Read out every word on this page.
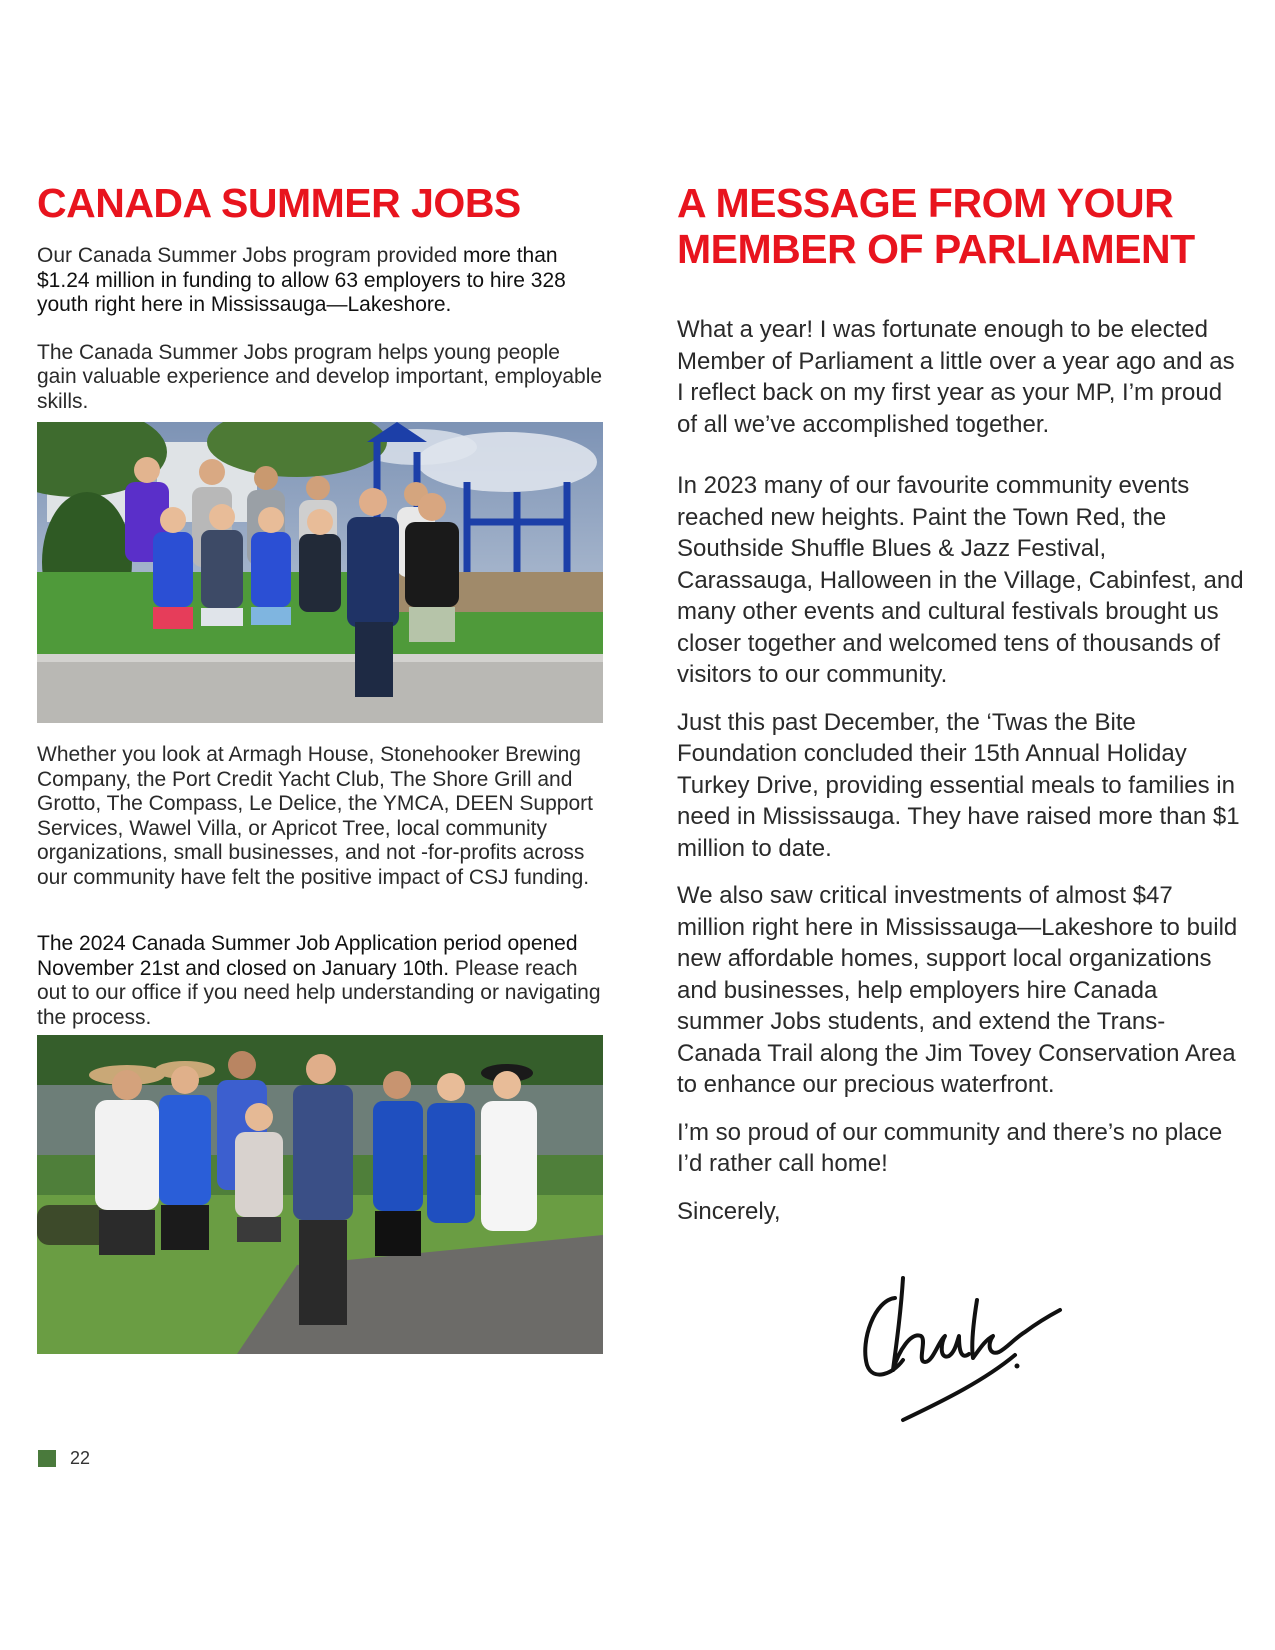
CANADA SUMMER JOBS

Our Canada Summer Jobs program provided more than $1.24 million in funding to allow 63 employers to hire 328 youth right here in Mississauga—Lakeshore.

The Canada Summer Jobs program helps young people gain valuable experience and develop important, employable skills.

Whether you look at Armagh House, Stonehooker Brewing Company, the Port Credit Yacht Club, The Shore Grill and Grotto, The Compass, Le Delice, the YMCA, DEEN Support Services, Wawel Villa, or Apricot Tree, local community organizations, small businesses, and not -for-profits across our community have felt the positive impact of CSJ funding.

The 2024 Canada Summer Job Application period opened November 21st and closed on January 10th. Please reach out to our office if you need help understanding or navigating the process.

A MESSAGE FROM YOUR MEMBER OF PARLIAMENT

What a year! I was fortunate enough to be elected Member of Parliament a little over a year ago and as I reflect back on my first year as your MP, I’m proud of all we’ve accomplished together.

In 2023 many of our favourite community events reached new heights. Paint the Town Red, the Southside Shuffle Blues & Jazz Festival, Carassauga, Halloween in the Village, Cabinfest, and many other events and cultural festivals brought us closer together and welcomed tens of thousands of visitors to our community.

Just this past December, the ‘Twas the Bite Foundation concluded their 15th Annual Holiday Turkey Drive, providing essential meals to families in need in Mississauga. They have raised more than $1 million to date.

We also saw critical investments of almost $47 million right here in Mississauga—Lakeshore to build new affordable homes, support local organizations and businesses, help employers hire Canada summer Jobs students, and extend the Trans-Canada Trail along the Jim Tovey Conservation Area to enhance our precious waterfront.

I’m so proud of our community and there’s no place I’d rather call home!

Sincerely,

22
